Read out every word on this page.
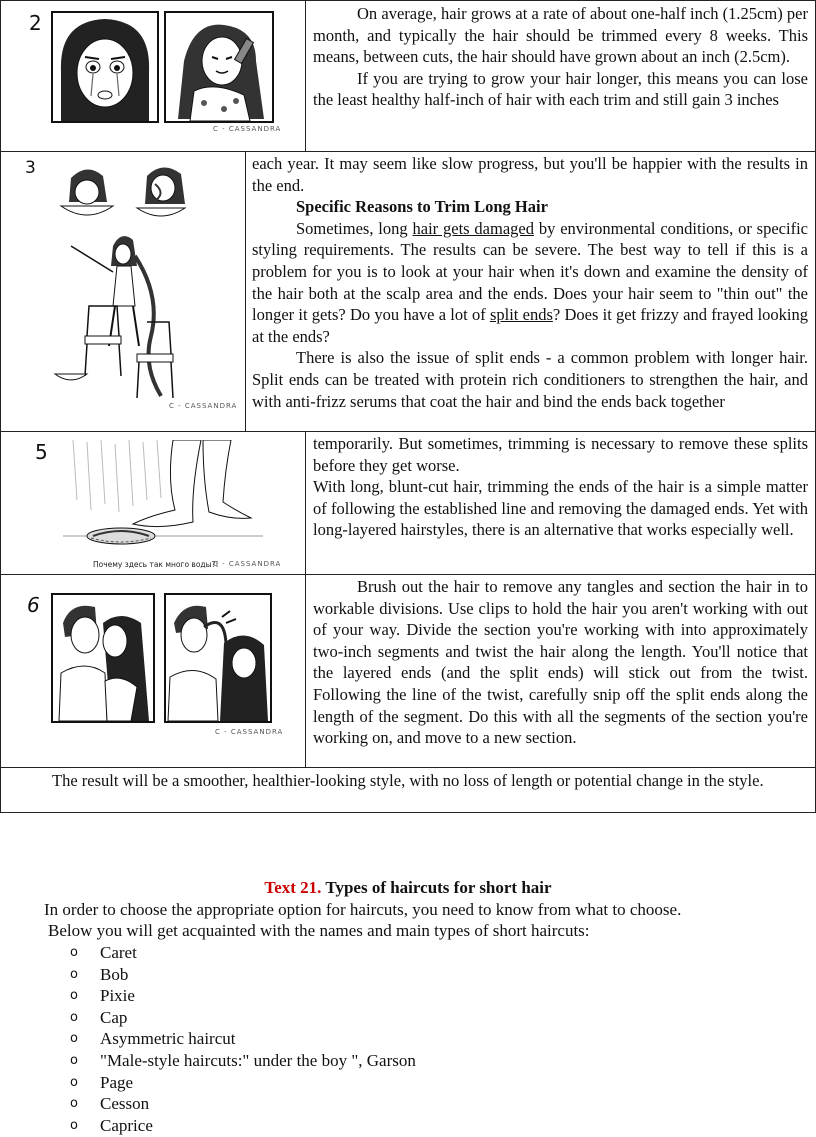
2
C - CASSANDRA

On average, hair grows at a rate of about one-half inch (1.25cm) per month, and typically the hair should be trimmed every 8 weeks. This means, between cuts, the hair should have grown about an inch (2.5cm).

If you are trying to grow your hair longer, this means you can lose the least healthy half-inch of hair with each trim and still gain 3 inches

3
C - CASSANDRA

each year. It may seem like slow progress, but you'll be happier with the results in the end.

Specific Reasons to Trim Long Hair

Sometimes, long hair gets damaged by environmental conditions, or specific styling requirements. The results can be severe. The best way to tell if this is a problem for you is to look at your hair when it's down and examine the density of the hair both at the scalp area and the ends. Does your hair seem to "thin out" the longer it gets? Do you have a lot of split ends? Does it get frizzy and frayed looking at the ends?

There is also the issue of split ends - a common problem with longer hair. Split ends can be treated with protein rich conditioners to strengthen the hair, and with anti-frizz serums that coat the hair and bind the ends back together

5
Почему здесь так много воды?!
C - CASSANDRA

temporarily. But sometimes, trimming is necessary to remove these splits before they get worse.

With long, blunt-cut hair, trimming the ends of the hair is a simple matter of following the established line and removing the damaged ends. Yet with long-layered hairstyles, there is an alternative that works especially well.

6
C - CASSANDRA

Brush out the hair to remove any tangles and section the hair in to workable divisions. Use clips to hold the hair you aren't working with out of your way. Divide the section you're working with into approximately two-inch segments and twist the hair along the length. You'll notice that the layered ends (and the split ends) will stick out from the twist. Following the line of the twist, carefully snip off the split ends along the length of the segment. Do this with all the segments of the section you're working on, and move to a new section.

The result will be a smoother, healthier-looking style, with no loss of length or potential change in the style.

Text 21. Types of haircuts for short hair
In order to choose the appropriate option for haircuts, you need to know from what to choose.
Below you will get acquainted with the names and main types of short haircuts:
o Caret
o Bob
o Pixie
o Cap
o Asymmetric haircut
o "Male-style haircuts:" under the boy ", Garson
o Page
o Cesson
o Caprice
